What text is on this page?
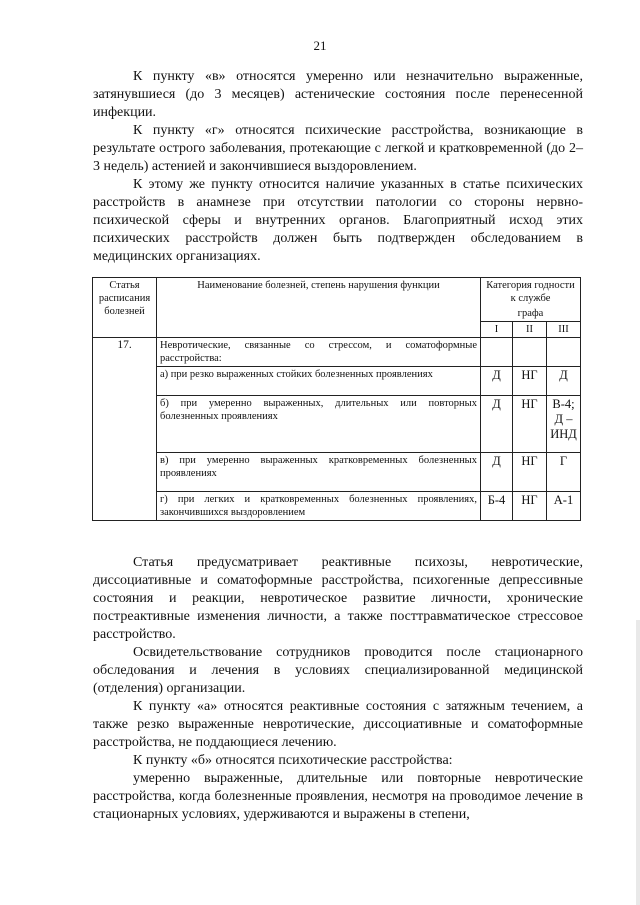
21

К пункту «в» относятся умеренно или незначительно выраженные, затянувшиеся (до 3 месяцев) астенические состояния после перенесенной инфекции.

К пункту «г» относятся психические расстройства, возникающие в результате острого заболевания, протекающие с легкой и кратковременной (до 2–3 недель) астенией и закончившиеся выздоровлением.

К этому же пункту относится наличие указанных в статье психических расстройств в анамнезе при отсутствии патологии со стороны нервно-психической сферы и внутренних органов. Благоприятный исход этих психических расстройств должен быть подтвержден обследованием в медицинских организациях.

Статья расписания болезней	Наименование болезней, степень нарушения функции	Категория годности к службе		
		графа		
		I	II	III
17.	Невротические, связанные со стрессом, и соматоформные расстройства:			
	а) при резко выраженных стойких болезненных проявлениях	Д	НГ	Д
	б) при умеренно выраженных, длительных или повторных болезненных проявлениях	Д	НГ	В-4; Д – ИНД
	в) при умеренно выраженных кратковременных болезненных проявлениях	Д	НГ	Г
	г) при легких и кратковременных болезненных проявлениях, закончившихся выздоровлением	Б-4	НГ	А-1

Статья предусматривает реактивные психозы, невротические, диссоциативные и соматоформные расстройства, психогенные депрессивные состояния и реакции, невротическое развитие личности, хронические постреактивные изменения личности, а также посттравматическое стрессовое расстройство.

Освидетельствование сотрудников проводится после стационарного обследования и лечения в условиях специализированной медицинской (отделения) организации.

К пункту «а» относятся реактивные состояния с затяжным течением, а также резко выраженные невротические, диссоциативные и соматоформные расстройства, не поддающиеся лечению.

К пункту «б» относятся психотические расстройства:

умеренно выраженные, длительные или повторные невротические расстройства, когда болезненные проявления, несмотря на проводимое лечение в стационарных условиях, удерживаются и выражены в степени,
